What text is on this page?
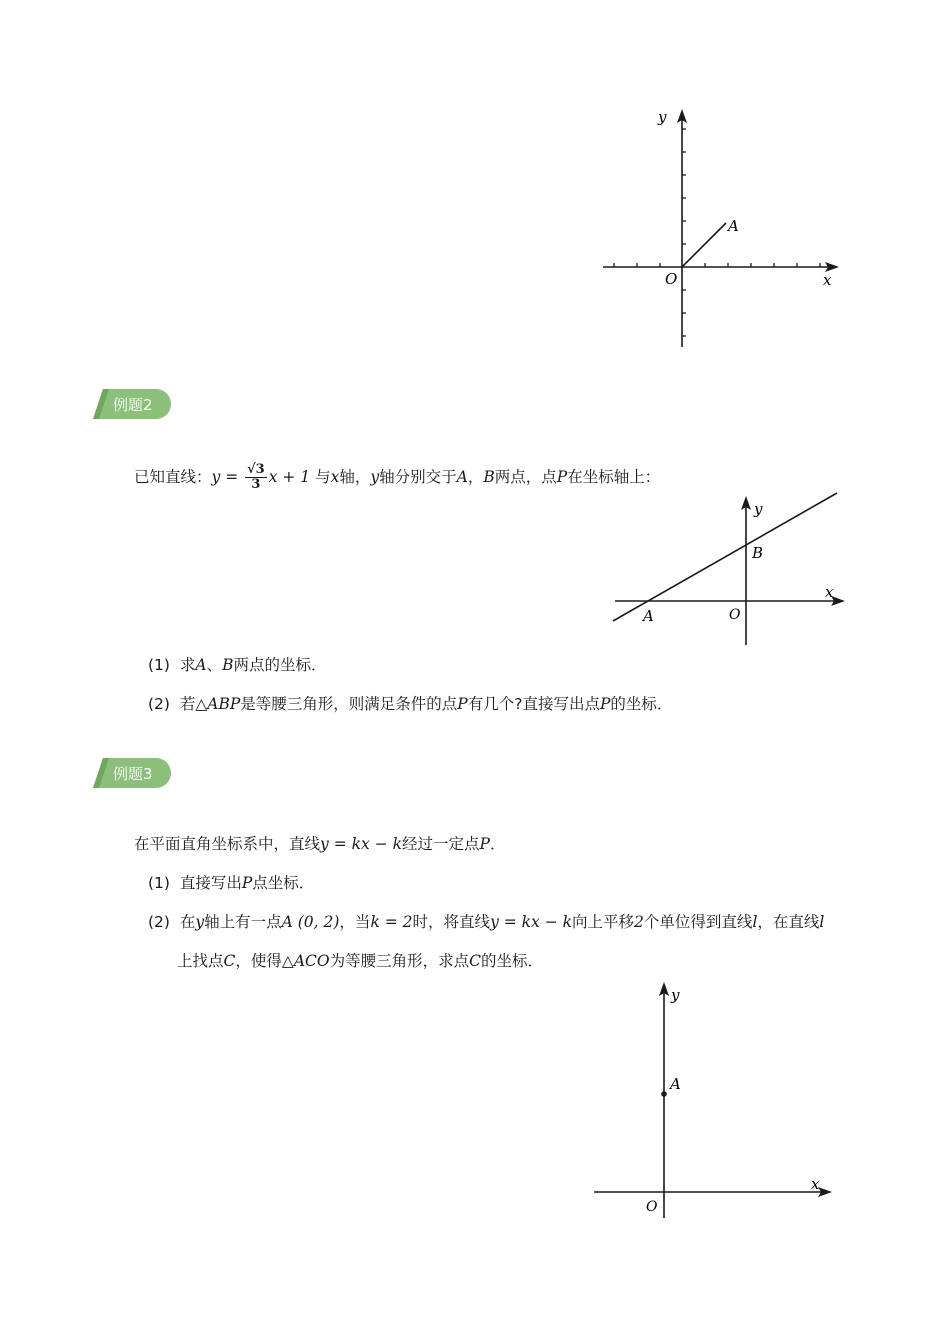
y
x
O
A
例题2
已知直线：$y = \frac{√3}{3}$ x + 1 与x轴，y轴分别交于A，B两点，点P在坐标轴上：
y
x
O
A
B
(1) 求A、B两点的坐标．
(2) 若△ABP是等腰三角形，则满足条件的点P有几个?直接写出点P的坐标．
例题3
在平面直角坐标系中，直线y = kx − k经过一定点P．
(1) 直接写出P点坐标．
(2) 在y轴上有一点A (0, 2)，当k = 2时，将直线y = kx − k向上平移2个单位得到直线l，在直线l
上找点C，使得△ACO为等腰三角形，求点C的坐标．
y
x
O
A
